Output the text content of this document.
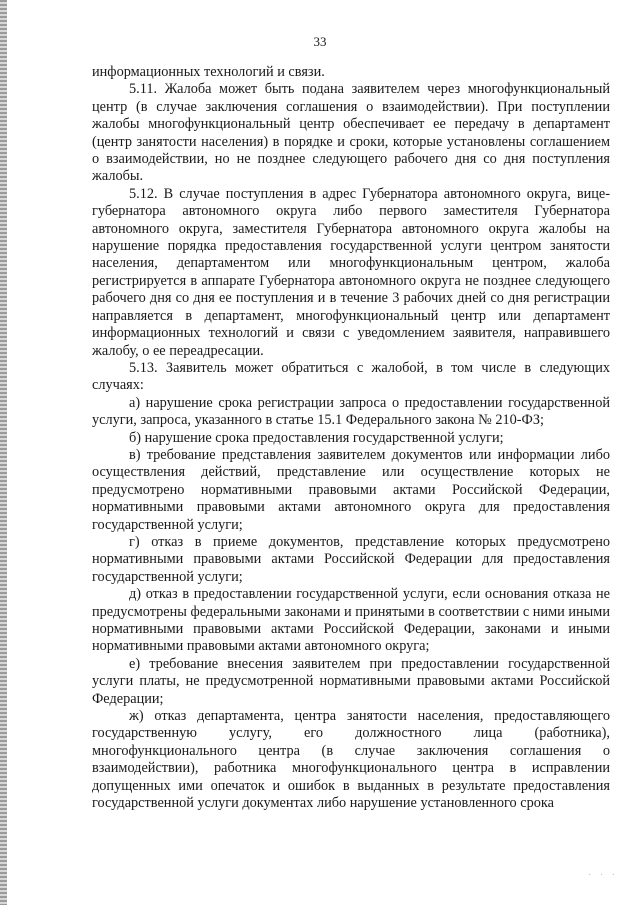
33

информационных технологий и связи.

5.11. Жалоба может быть подана заявителем через многофункциональный центр (в случае заключения соглашения о взаимодействии). При поступлении жалобы многофункциональный центр обеспечивает ее передачу в департамент (центр занятости населения) в порядке и сроки, которые установлены соглашением о взаимодействии, но не позднее следующего рабочего дня со дня поступления жалобы.

5.12. В случае поступления в адрес Губернатора автономного округа, вице-губернатора автономного округа либо первого заместителя Губернатора автономного округа, заместителя Губернатора автономного округа жалобы на нарушение порядка предоставления государственной услуги центром занятости населения, департаментом или многофункциональным центром, жалоба регистрируется в аппарате Губернатора автономного округа не позднее следующего рабочего дня со дня ее поступления и в течение 3 рабочих дней со дня регистрации направляется в департамент, многофункциональный центр или департамент информационных технологий и связи с уведомлением заявителя, направившего жалобу, о ее переадресации.

5.13. Заявитель может обратиться с жалобой, в том числе в следующих случаях:

а) нарушение срока регистрации запроса о предоставлении государственной услуги, запроса, указанного в статье 15.1 Федерального закона № 210-ФЗ;

б) нарушение срока предоставления государственной услуги;

в) требование представления заявителем документов или информации либо осуществления действий, представление или осуществление которых не предусмотрено нормативными правовыми актами Российской Федерации, нормативными правовыми актами автономного округа для предоставления государственной услуги;

г) отказ в приеме документов, представление которых предусмотрено нормативными правовыми актами Российской Федерации для предоставления государственной услуги;

д) отказ в предоставлении государственной услуги, если основания отказа не предусмотрены федеральными законами и принятыми в соответствии с ними иными нормативными правовыми актами Российской Федерации, законами и иными нормативными правовыми актами автономного округа;

е) требование внесения заявителем при предоставлении государственной услуги платы, не предусмотренной нормативными правовыми актами Российской Федерации;

ж) отказ департамента, центра занятости населения, предоставляющего государственную услугу, его должностного лица (работника), многофункционального центра (в случае заключения соглашения о взаимодействии), работника многофункционального центра в исправлении допущенных ими опечаток и ошибок в выданных в результате предоставления государственной услуги документах либо нарушение установленного срока

· · ·
